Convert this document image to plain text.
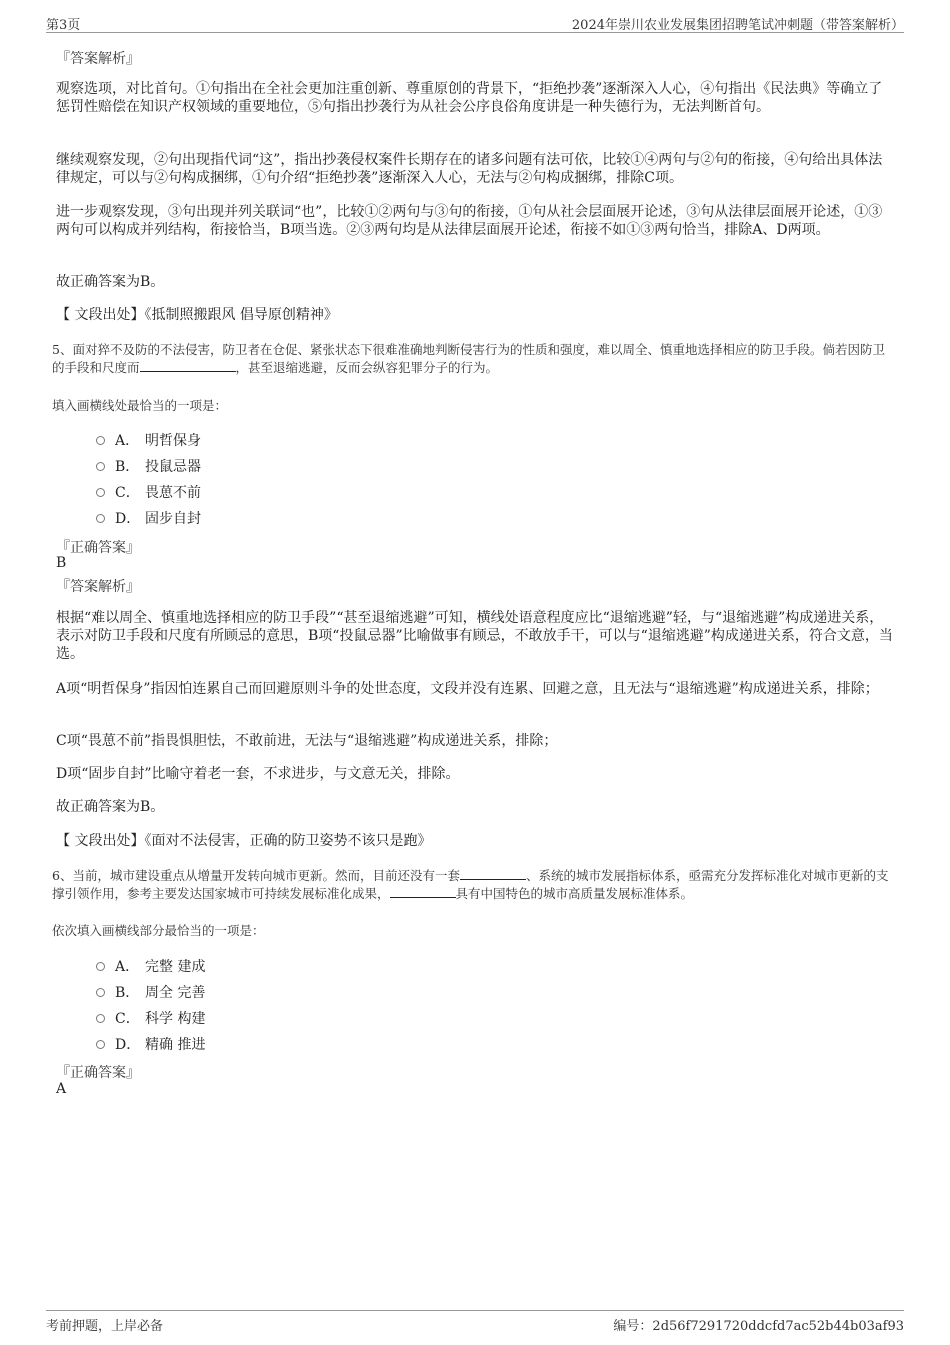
第3页	2024年崇川农业发展集团招聘笔试冲刺题（带答案解析）
『答案解析』
观察选项，对比首句。①句指出在全社会更加注重创新、尊重原创的背景下，“拒绝抄袭”逐渐深入人心，④句指出《民法典》等确立了惩罚性赔偿在知识产权领域的重要地位，⑤句指出抄袭行为从社会公序良俗角度讲是一种失德行为，无法判断首句。
继续观察发现，②句出现指代词“这”，指出抄袭侵权案件长期存在的诸多问题有法可依，比较①④两句与②句的衔接，④句给出具体法律规定，可以与②句构成捆绑，①句介绍“拒绝抄袭”逐渐深入人心，无法与②句构成捆绑，排除C项。
进一步观察发现，③句出现并列关联词“也”，比较①②两句与③句的衔接，①句从社会层面展开论述，③句从法律层面展开论述，①③两句可以构成并列结构，衔接恰当，B项当选。②③两句均是从法律层面展开论述，衔接不如①③两句恰当，排除A、D两项。
故正确答案为B。
【 文段出处】《抵制照搬跟风 倡导原创精神》
5、面对猝不及防的不法侵害，防卫者在仓促、紧张状态下很难准确地判断侵害行为的性质和强度，难以周全、慎重地选择相应的防卫手段。倘若因防卫的手段和尺度而	，甚至退缩逃避，反而会纵容犯罪分子的行为。
填入画横线处最恰当的一项是：
A． 明哲保身
B． 投鼠忌器
C． 畏葸不前
D． 固步自封
『正确答案』
B
『答案解析』
根据“难以周全、慎重地选择相应的防卫手段”“甚至退缩逃避”可知，横线处语意程度应比“退缩逃避”轻，与“退缩逃避”构成递进关系，表示对防卫手段和尺度有所顾忌的意思，B项“投鼠忌器”比喻做事有顾忌，不敢放手干，可以与“退缩逃避”构成递进关系，符合文意，当选。
A项“明哲保身”指因怕连累自己而回避原则斗争的处世态度，文段并没有连累、回避之意，且无法与“退缩逃避”构成递进关系，排除；
C项“畏葸不前”指畏惧胆怯，不敢前进，无法与“退缩逃避”构成递进关系，排除；
D项“固步自封”比喻守着老一套，不求进步，与文意无关，排除。
故正确答案为B。
【 文段出处】《面对不法侵害，正确的防卫姿势不该只是跑》
6、当前，城市建设重点从增量开发转向城市更新。然而，目前还没有一套	、系统的城市发展指标体系，亟需充分发挥标准化对城市更新的支撑引领作用，参考主要发达国家城市可持续发展标准化成果，	具有中国特色的城市高质量发展标准体系。
依次填入画横线部分最恰当的一项是：
A． 完整 建成
B． 周全 完善
C． 科学 构建
D． 精确 推进
『正确答案』
A
考前押题，上岸必备	编号：2d56f7291720ddcfd7ac52b44b03af93
